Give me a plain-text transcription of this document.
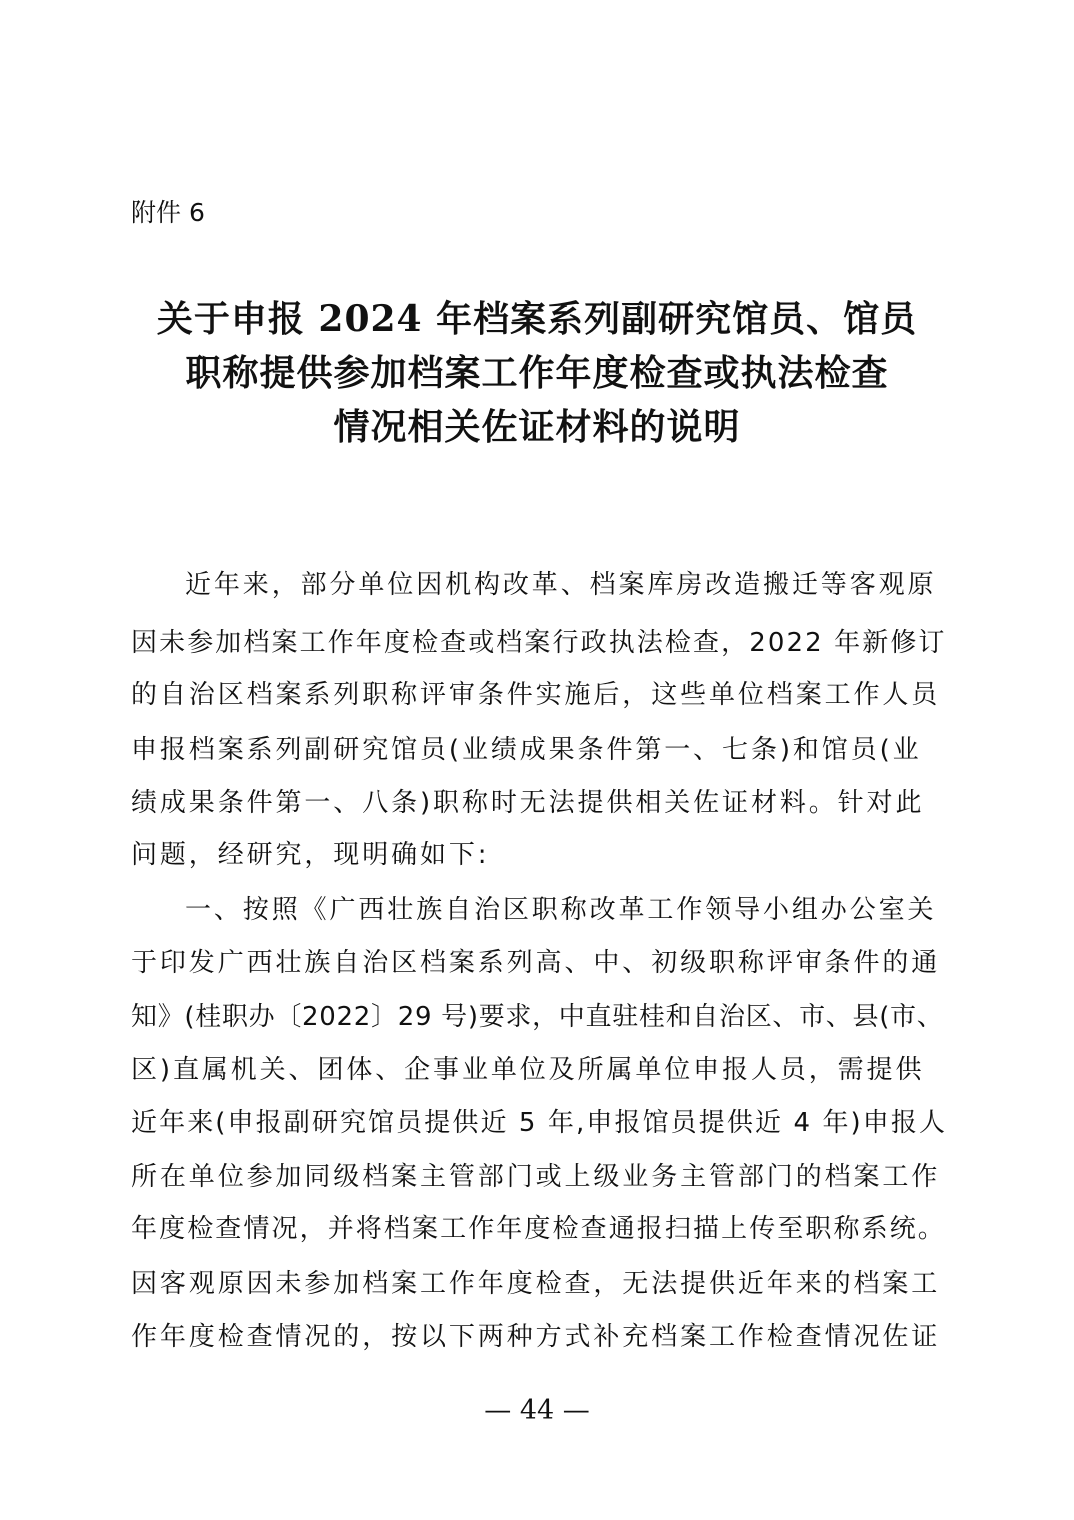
附件 6
关于申报 2024 年档案系列副研究馆员、馆员
职称提供参加档案工作年度检查或执法检查
情况相关佐证材料的说明
近年来，部分单位因机构改革、档案库房改造搬迁等客观原
因未参加档案工作年度检查或档案行政执法检查，2022 年新修订
的自治区档案系列职称评审条件实施后，这些单位档案工作人员
申报档案系列副研究馆员(业绩成果条件第一、七条)和馆员(业
绩成果条件第一、八条)职称时无法提供相关佐证材料。针对此
问题，经研究，现明确如下:
一、按照《广西壮族自治区职称改革工作领导小组办公室关
于印发广西壮族自治区档案系列高、中、初级职称评审条件的通
知》(桂职办〔2022〕29 号)要求，中直驻桂和自治区、市、县(市、
区)直属机关、团体、企事业单位及所属单位申报人员，需提供
近年来(申报副研究馆员提供近 5 年,申报馆员提供近 4 年)申报人
所在单位参加同级档案主管部门或上级业务主管部门的档案工作
年度检查情况，并将档案工作年度检查通报扫描上传至职称系统。
因客观原因未参加档案工作年度检查，无法提供近年来的档案工
作年度检查情况的，按以下两种方式补充档案工作检查情况佐证
— 44 —
